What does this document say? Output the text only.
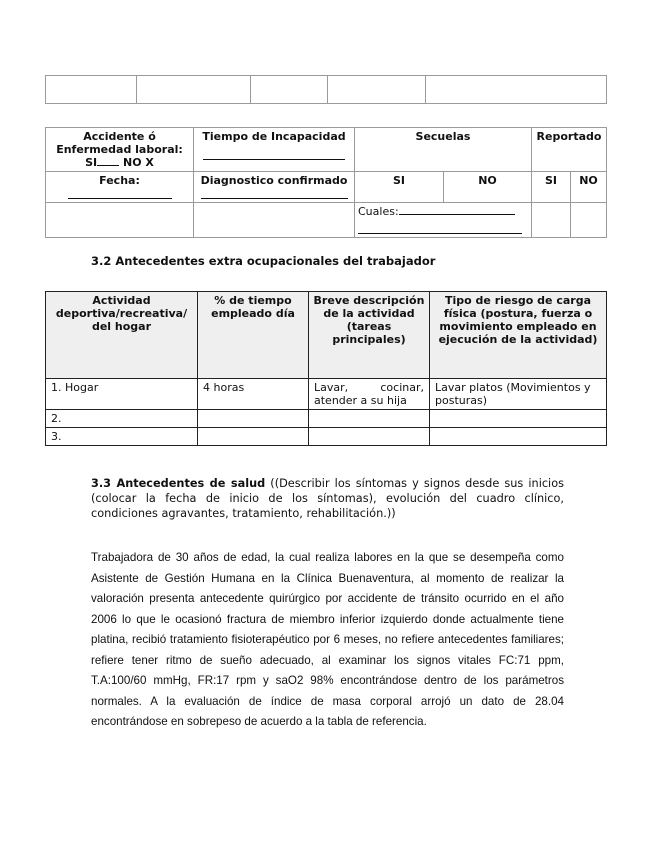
Accidente ó
Enfermedad laboral:
SI NO X	Tiempo de Incapacidad	Secuelas		Reportado	

Fecha:	Diagnostico confirmado	SI	NO	SI	NO
		Cuales:	

3.2 Antecedentes extra ocupacionales del trabajador
Actividad deportiva/recreativa/ del hogar	% de tiempo empleado día	Breve descripción de la actividad (tareas principales)	Tipo de riesgo de carga física (postura, fuerza o movimiento empleado en ejecución de la actividad)
1. Hogar	4 horas	Lavar, cocinar, atender a su hija	Lavar platos (Movimientos y posturas)
2.			
3.			
3.3 Antecedentes de salud ((Describir los síntomas y signos desde sus inicios (colocar la fecha de inicio de los síntomas), evolución del cuadro clínico, condiciones agravantes, tratamiento, rehabilitación.))
Trabajadora de 30 años de edad, la cual realiza labores en la que se desempeña como Asistente de Gestión Humana en la Clínica Buenaventura, al momento de realizar la valoración presenta antecedente quirúrgico por accidente de tránsito ocurrido en el año 2006 lo que le ocasionó fractura de miembro inferior izquierdo donde actualmente tiene platina, recibió tratamiento fisioterapéutico por 6 meses, no refiere antecedentes familiares; refiere tener ritmo de sueño adecuado, al examinar los signos vitales FC:71 ppm, T.A:100/60 mmHg, FR:17 rpm y saO2 98% encontrándose dentro de los parámetros normales. A la evaluación de índice de masa corporal arrojó un dato de 28.04 encontrándose en sobrepeso de acuerdo a la tabla de referencia.
